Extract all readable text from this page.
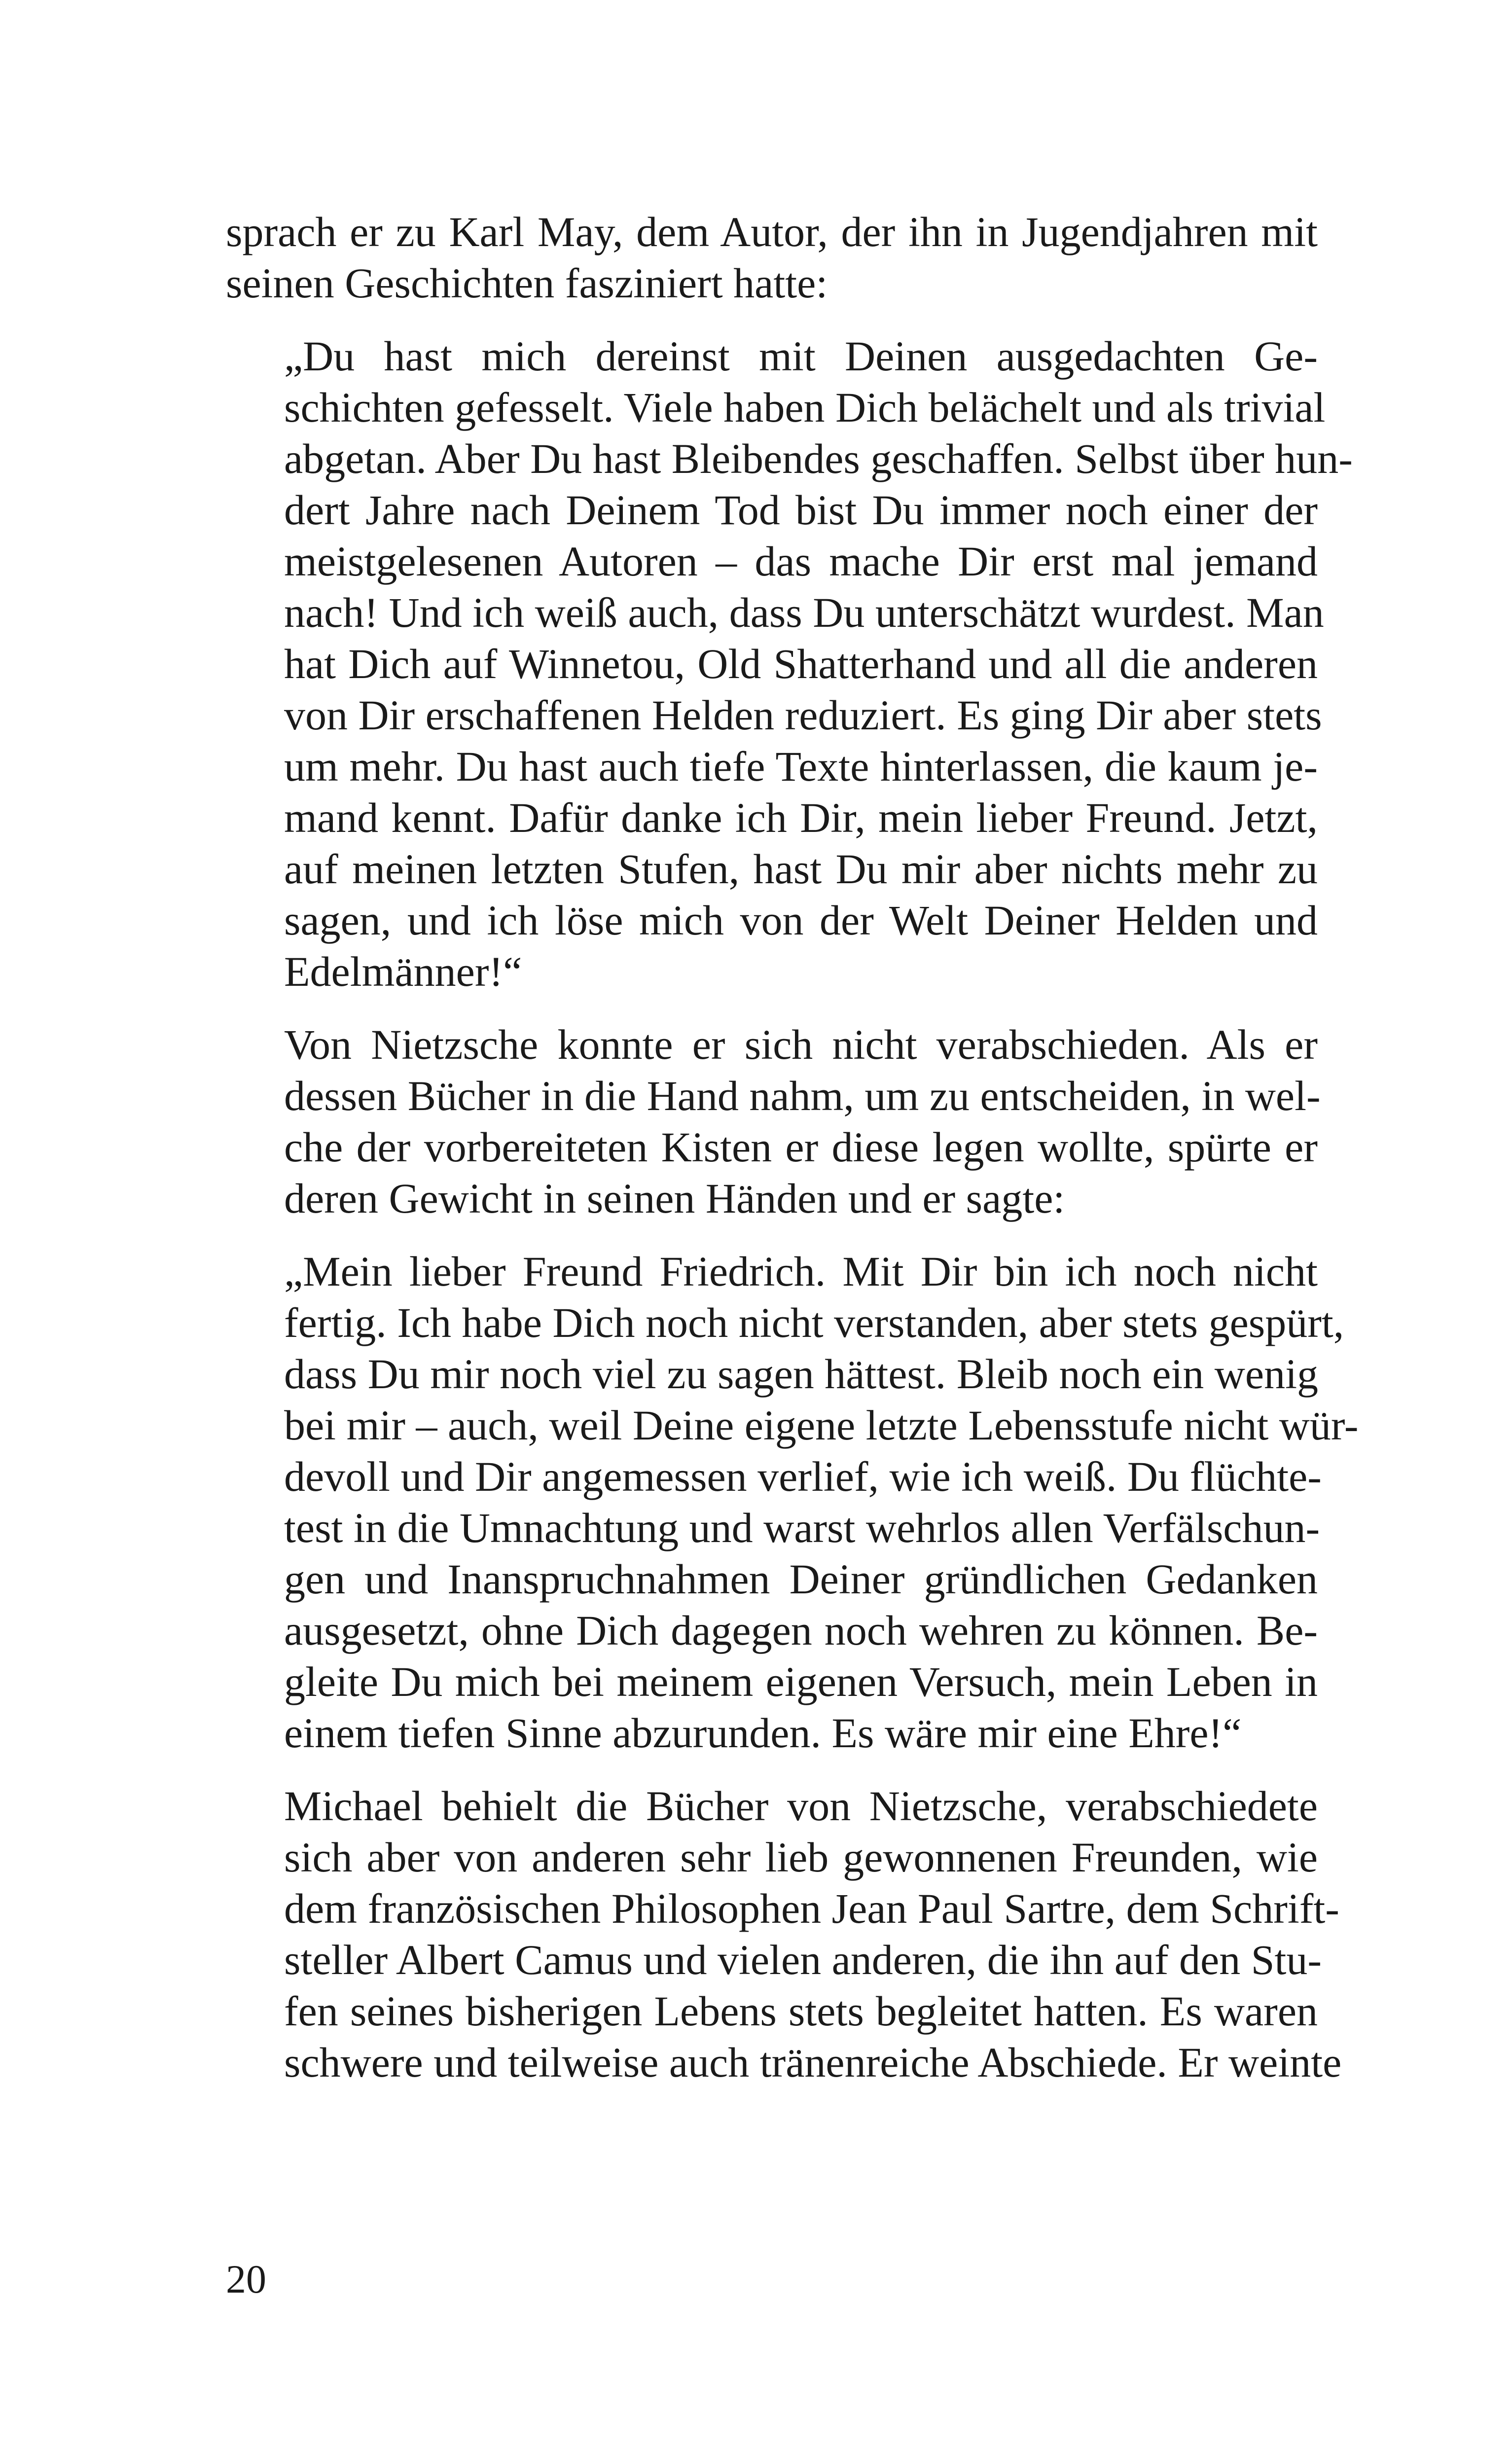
sprach er zu Karl May, dem Autor, der ihn in Jugendjahren mit
seinen Geschichten fasziniert hatte:

„Du hast mich dereinst mit Deinen ausgedachten Ge-
schichten gefesselt. Viele haben Dich belächelt und als trivial
abgetan. Aber Du hast Bleibendes geschaffen. Selbst über hun-
dert Jahre nach Deinem Tod bist Du immer noch einer der
meistgelesenen Autoren – das mache Dir erst mal jemand
nach! Und ich weiß auch, dass Du unterschätzt wurdest. Man
hat Dich auf Winnetou, Old Shatterhand und all die anderen
von Dir erschaffenen Helden reduziert. Es ging Dir aber stets
um mehr. Du hast auch tiefe Texte hinterlassen, die kaum je-
mand kennt. Dafür danke ich Dir, mein lieber Freund. Jetzt,
auf meinen letzten Stufen, hast Du mir aber nichts mehr zu
sagen, und ich löse mich von der Welt Deiner Helden und
Edelmänner!“

Von Nietzsche konnte er sich nicht verabschieden. Als er
dessen Bücher in die Hand nahm, um zu entscheiden, in wel-
che der vorbereiteten Kisten er diese legen wollte, spürte er
deren Gewicht in seinen Händen und er sagte:

„Mein lieber Freund Friedrich. Mit Dir bin ich noch nicht
fertig. Ich habe Dich noch nicht verstanden, aber stets gespürt,
dass Du mir noch viel zu sagen hättest. Bleib noch ein wenig
bei mir – auch, weil Deine eigene letzte Lebensstufe nicht wür-
devoll und Dir angemessen verlief, wie ich weiß. Du flüchte-
test in die Umnachtung und warst wehrlos allen Verfälschun-
gen und Inanspruchnahmen Deiner gründlichen Gedanken
ausgesetzt, ohne Dich dagegen noch wehren zu können. Be-
gleite Du mich bei meinem eigenen Versuch, mein Leben in
einem tiefen Sinne abzurunden. Es wäre mir eine Ehre!“

Michael behielt die Bücher von Nietzsche, verabschiedete
sich aber von anderen sehr lieb gewonnenen Freunden, wie
dem französischen Philosophen Jean Paul Sartre, dem Schrift-
steller Albert Camus und vielen anderen, die ihn auf den Stu-
fen seines bisherigen Lebens stets begleitet hatten. Es waren
schwere und teilweise auch tränenreiche Abschiede. Er weinte

20
